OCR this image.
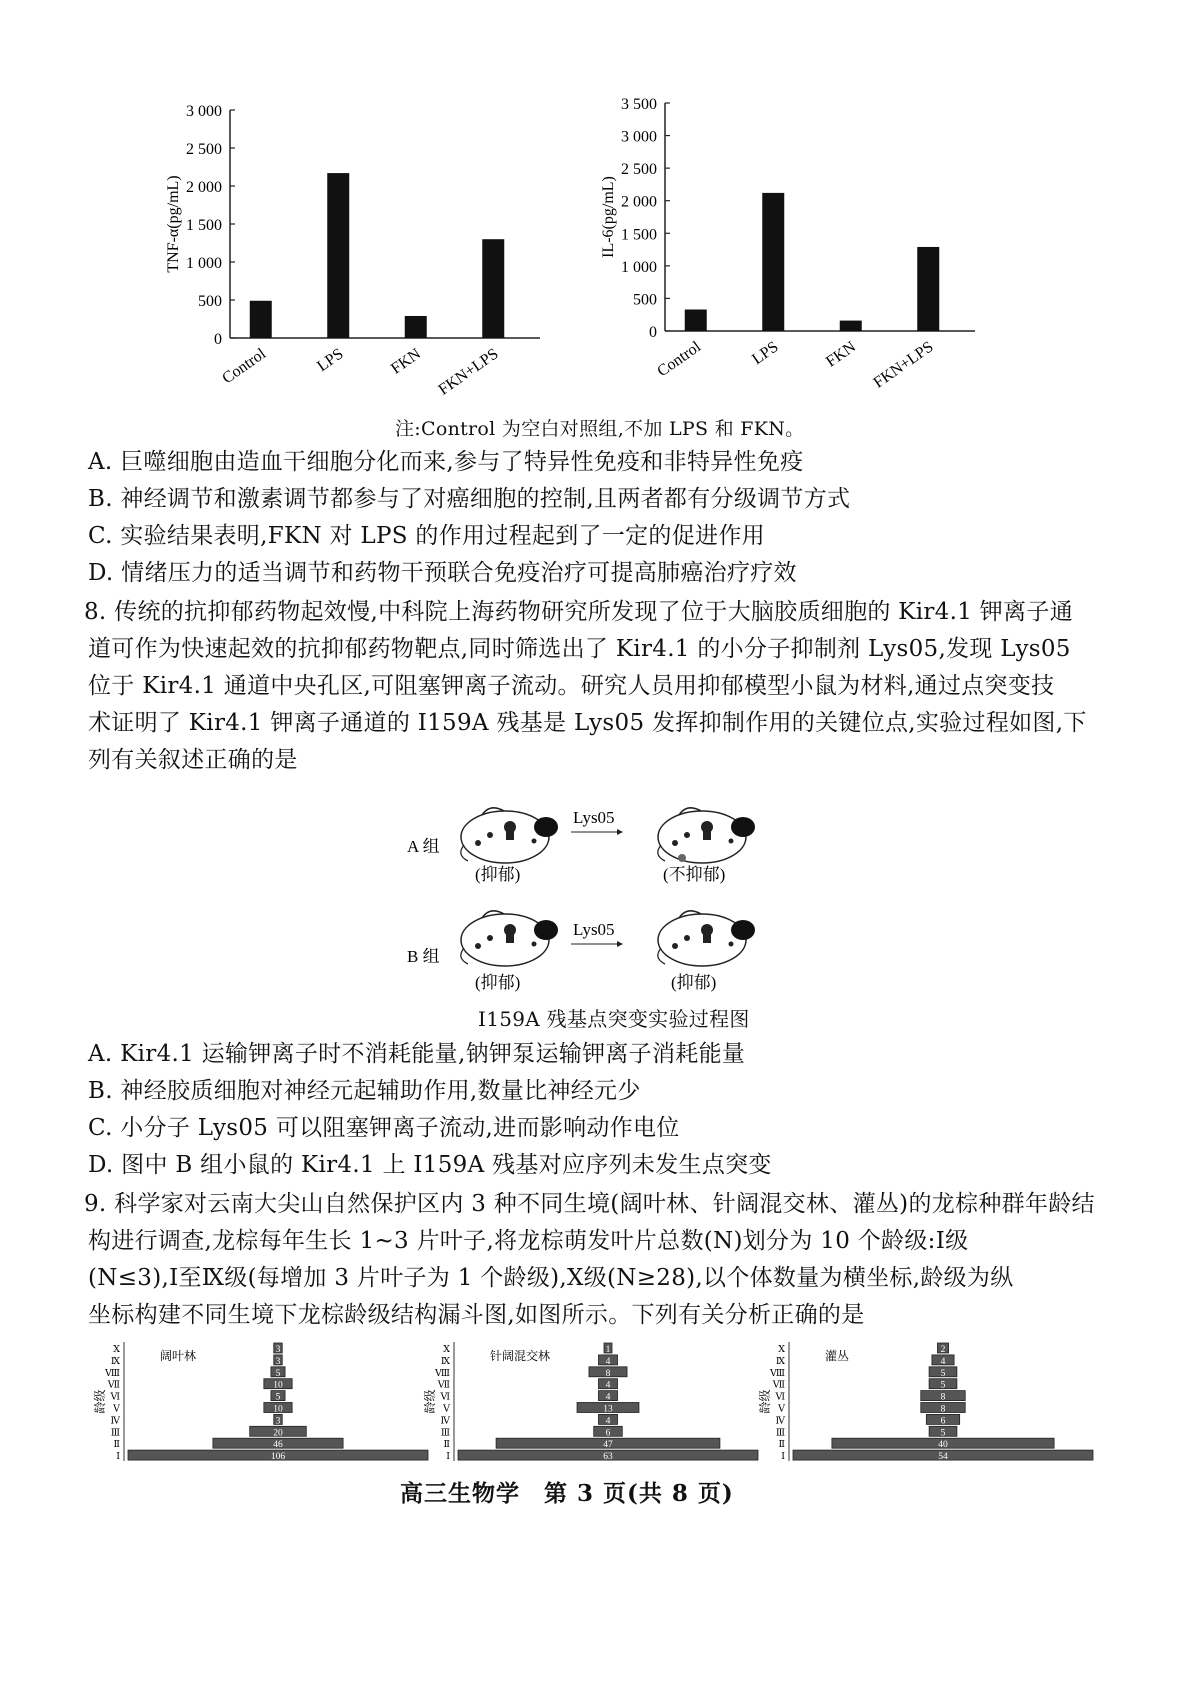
0
500
1 000
1 500
2 000
2 500
3 000
TNF-α(pg/mL)
Control	LPS	FKN FKN+LPS
0
500
1 000
1 500
2 000
2 500
3 000
3 500
IL-6(pg/mL)
Control	LPS	FKN FKN+LPS
注:Control 为空白对照组,不加 LPS 和 FKN。
A. 巨噬细胞由造血干细胞分化而来,参与了特异性免疫和非特异性免疫
B. 神经调节和激素调节都参与了对癌细胞的控制,且两者都有分级调节方式
C. 实验结果表明,FKN 对 LPS 的作用过程起到了一定的促进作用
D. 情绪压力的适当调节和药物干预联合免疫治疗可提高肺癌治疗疗效
8. 传统的抗抑郁药物起效慢,中科院上海药物研究所发现了位于大脑胶质细胞的 Kir4.1 钾离子通
道可作为快速起效的抗抑郁药物靶点,同时筛选出了 Kir4.1 的小分子抑制剂 Lys05,发现 Lys05
位于 Kir4.1 通道中央孔区,可阻塞钾离子流动。研究人员用抑郁模型小鼠为材料,通过点突变技
术证明了 Kir4.1 钾离子通道的 I159A 残基是 Lys05 发挥抑制作用的关键位点,实验过程如图,下
列有关叙述正确的是
A 组
B 组
Lys05
Lys05
(抑郁)	(不抑郁)
(抑郁)	(抑郁)
I159A 残基点突变实验过程图
A. Kir4.1 运输钾离子时不消耗能量,钠钾泵运输钾离子消耗能量
B. 神经胶质细胞对神经元起辅助作用,数量比神经元少
C. 小分子 Lys05 可以阻塞钾离子流动,进而影响动作电位
D. 图中 B 组小鼠的 Kir4.1 上 I159A 残基对应序列未发生点突变
9. 科学家对云南大尖山自然保护区内 3 种不同生境(阔叶林、针阔混交林、灌丛)的龙棕种群年龄结
构进行调查,龙棕每年生长 1~3 片叶子,将龙棕萌发叶片总数(N)划分为 10 个龄级:Ⅰ级
(N≤3),Ⅰ至Ⅸ级(每增加 3 片叶子为 1 个龄级),Ⅹ级(N≥28),以个体数量为横坐标,龄级为纵
坐标构建不同生境下龙棕龄级结构漏斗图,如图所示。下列有关分析正确的是
龄级
阔叶林
106
Ⅰ
46
Ⅱ
20
Ⅲ
3
Ⅳ
10
Ⅴ
5
Ⅵ
10
Ⅶ
5
Ⅷ
3
Ⅸ
3
Ⅹ
龄级
针阔混交林
63
Ⅰ
47
Ⅱ
6
Ⅲ
4
Ⅳ
13
Ⅴ
4
Ⅵ
4
Ⅶ
8
Ⅷ
4
Ⅸ
1
Ⅹ
龄级
灌丛
54
Ⅰ
40
Ⅱ
5
Ⅲ
6
Ⅳ
8
Ⅴ
8
Ⅵ
5
Ⅶ
5
Ⅷ
4
Ⅸ
2
Ⅹ
高三生物学　第 3 页(共 8 页)
